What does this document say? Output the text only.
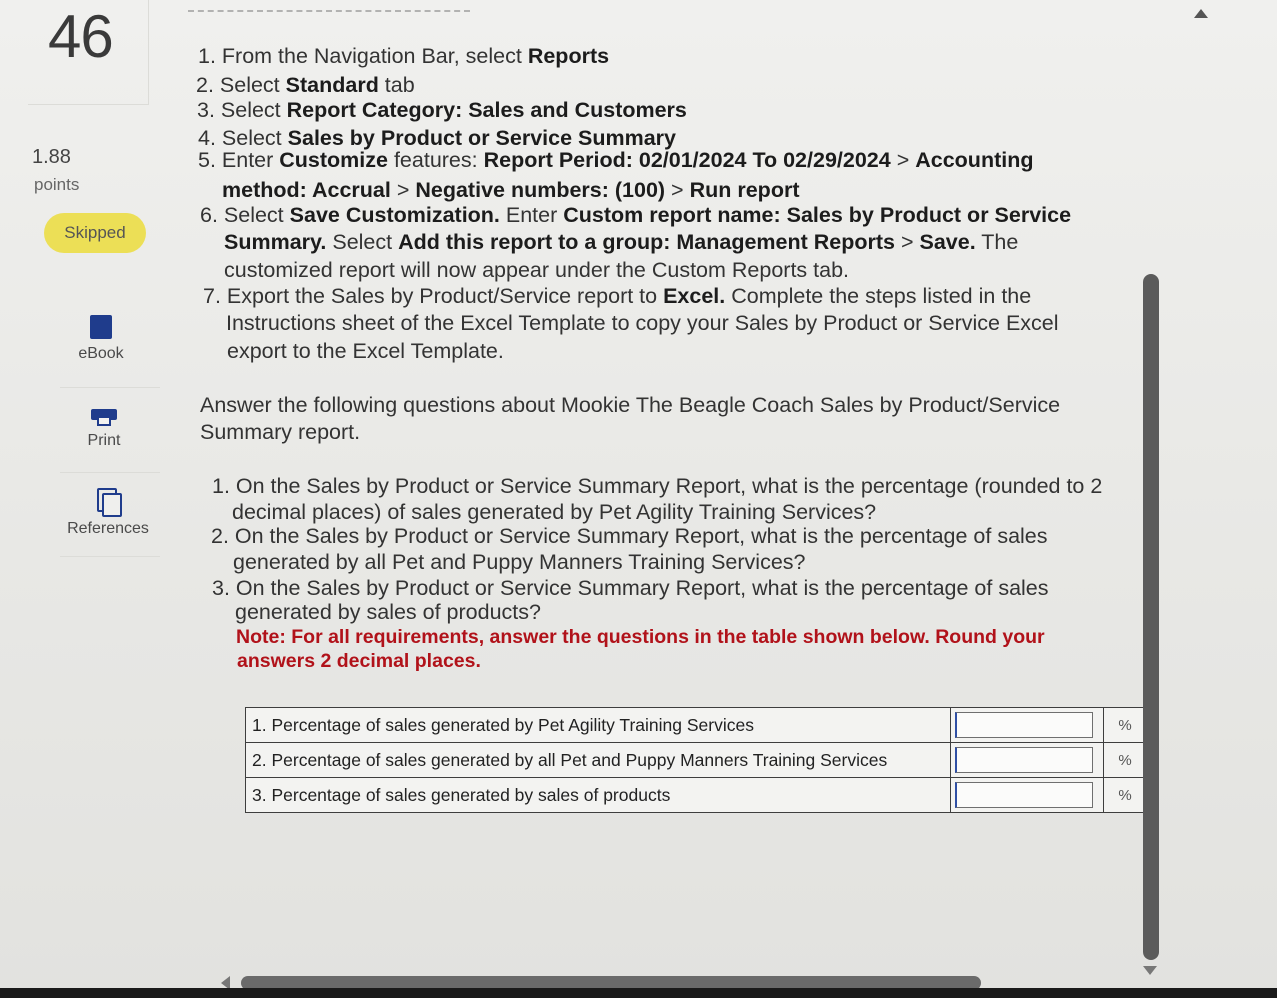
46
1.88
points
Skipped
eBook
Print
References
1. From the Navigation Bar, select Reports
2. Select Standard tab
3. Select Report Category: Sales and Customers
4. Select Sales by Product or Service Summary
5. Enter Customize features: Report Period: 02/01/2024 To 02/29/2024 > Accounting
method: Accrual > Negative numbers: (100) > Run report
6. Select Save Customization. Enter Custom report name: Sales by Product or Service
Summary. Select Add this report to a group: Management Reports > Save. The
customized report will now appear under the Custom Reports tab.
7. Export the Sales by Product/Service report to Excel. Complete the steps listed in the
Instructions sheet of the Excel Template to copy your Sales by Product or Service Excel
export to the Excel Template.
Answer the following questions about Mookie The Beagle Coach Sales by Product/Service
Summary report.
1. On the Sales by Product or Service Summary Report, what is the percentage (rounded to 2
decimal places) of sales generated by Pet Agility Training Services?
2. On the Sales by Product or Service Summary Report, what is the percentage of sales
generated by all Pet and Puppy Manners Training Services?
3. On the Sales by Product or Service Summary Report, what is the percentage of sales
generated by sales of products?
Note: For all requirements, answer the questions in the table shown below. Round your
answers 2 decimal places.
1. Percentage of sales generated by Pet Agility Training Services		%
2. Percentage of sales generated by all Pet and Puppy Manners Training Services		%
3. Percentage of sales generated by sales of products		%
